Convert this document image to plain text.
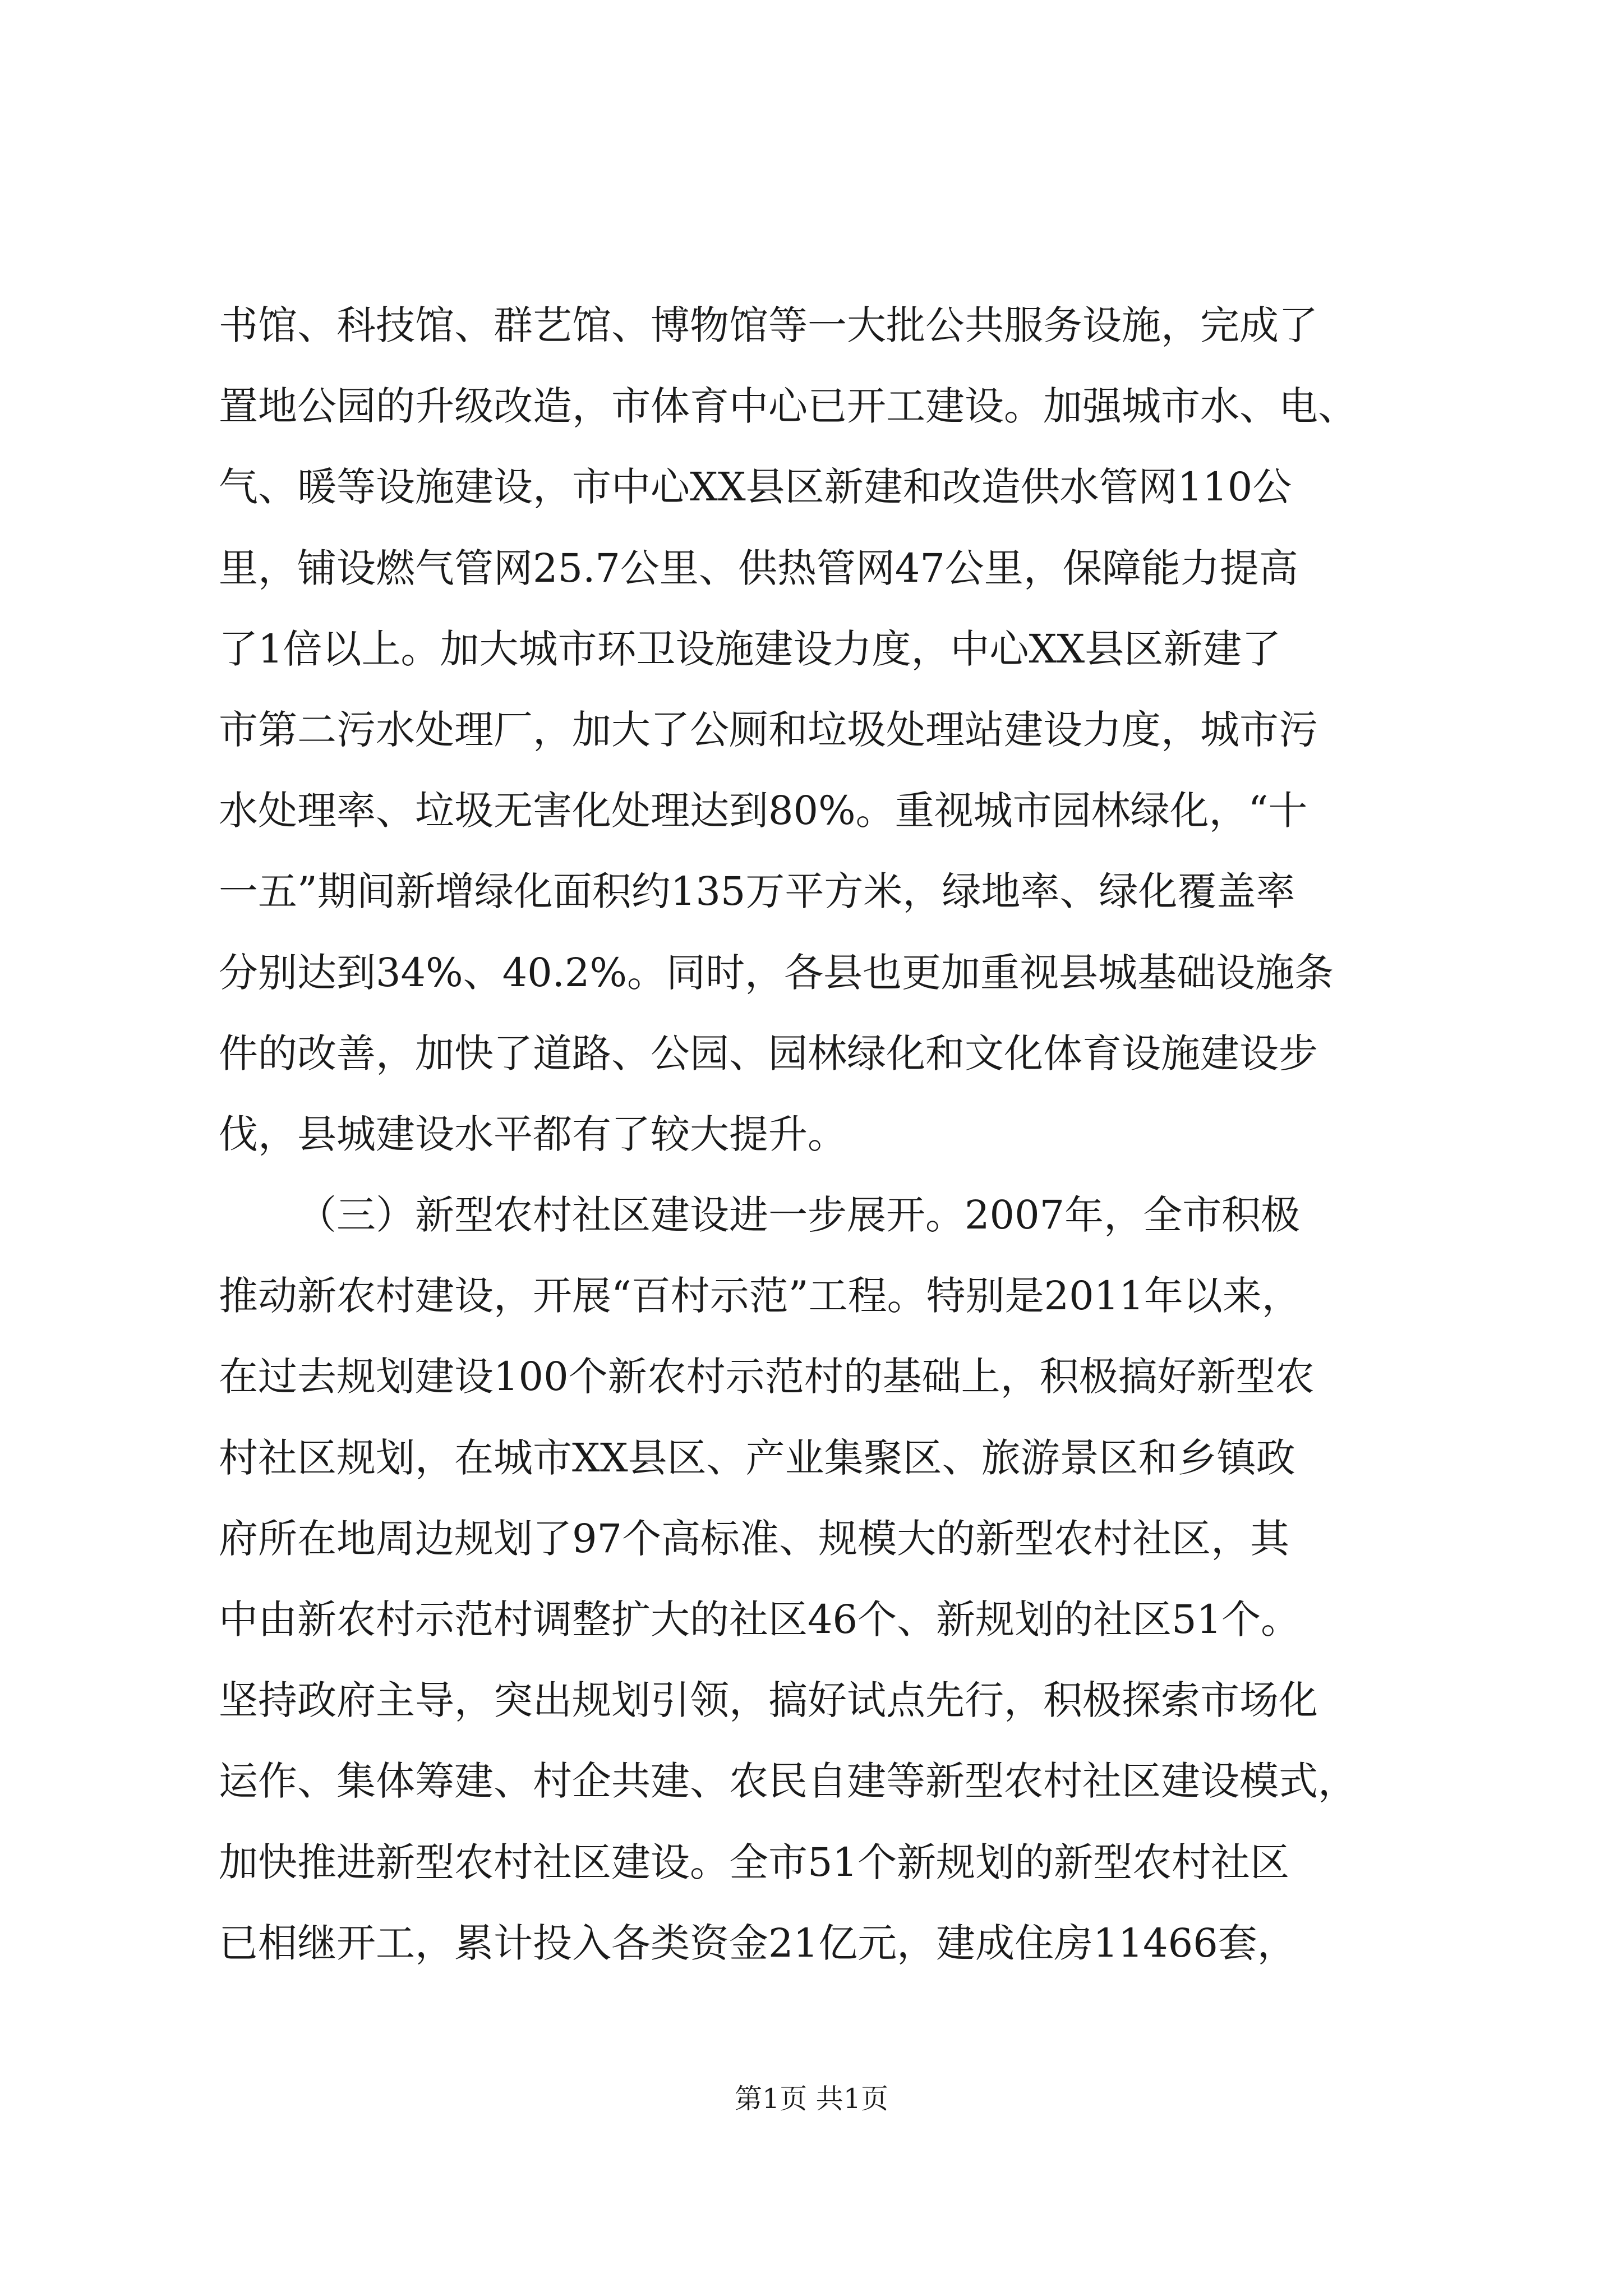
书馆、科技馆、群艺馆、博物馆等一大批公共服务设施，完成了
置地公园的升级改造，市体育中心已开工建设。加强城市水、电、
气、暖等设施建设，市中心XX县区新建和改造供水管网110公
里，铺设燃气管网25.7公里、供热管网47公里，保障能力提高
了1倍以上。加大城市环卫设施建设力度，中心XX县区新建了
市第二污水处理厂，加大了公厕和垃圾处理站建设力度，城市污
水处理率、垃圾无害化处理达到80%。重视城市园林绿化，“十
一五”期间新增绿化面积约135万平方米，绿地率、绿化覆盖率
分别达到34%、40.2%。同时，各县也更加重视县城基础设施条
件的改善，加快了道路、公园、园林绿化和文化体育设施建设步
伐，县城建设水平都有了较大提升。
（三）新型农村社区建设进一步展开。2007年，全市积极
推动新农村建设，开展“百村示范”工程。特别是2011年以来，
在过去规划建设100个新农村示范村的基础上，积极搞好新型农
村社区规划，在城市XX县区、产业集聚区、旅游景区和乡镇政
府所在地周边规划了97个高标准、规模大的新型农村社区，其
中由新农村示范村调整扩大的社区46个、新规划的社区51个。
坚持政府主导，突出规划引领，搞好试点先行，积极探索市场化
运作、集体筹建、村企共建、农民自建等新型农村社区建设模式，
加快推进新型农村社区建设。全市51个新规划的新型农村社区
已相继开工，累计投入各类资金21亿元，建成住房11466套，
第1页 共1页
